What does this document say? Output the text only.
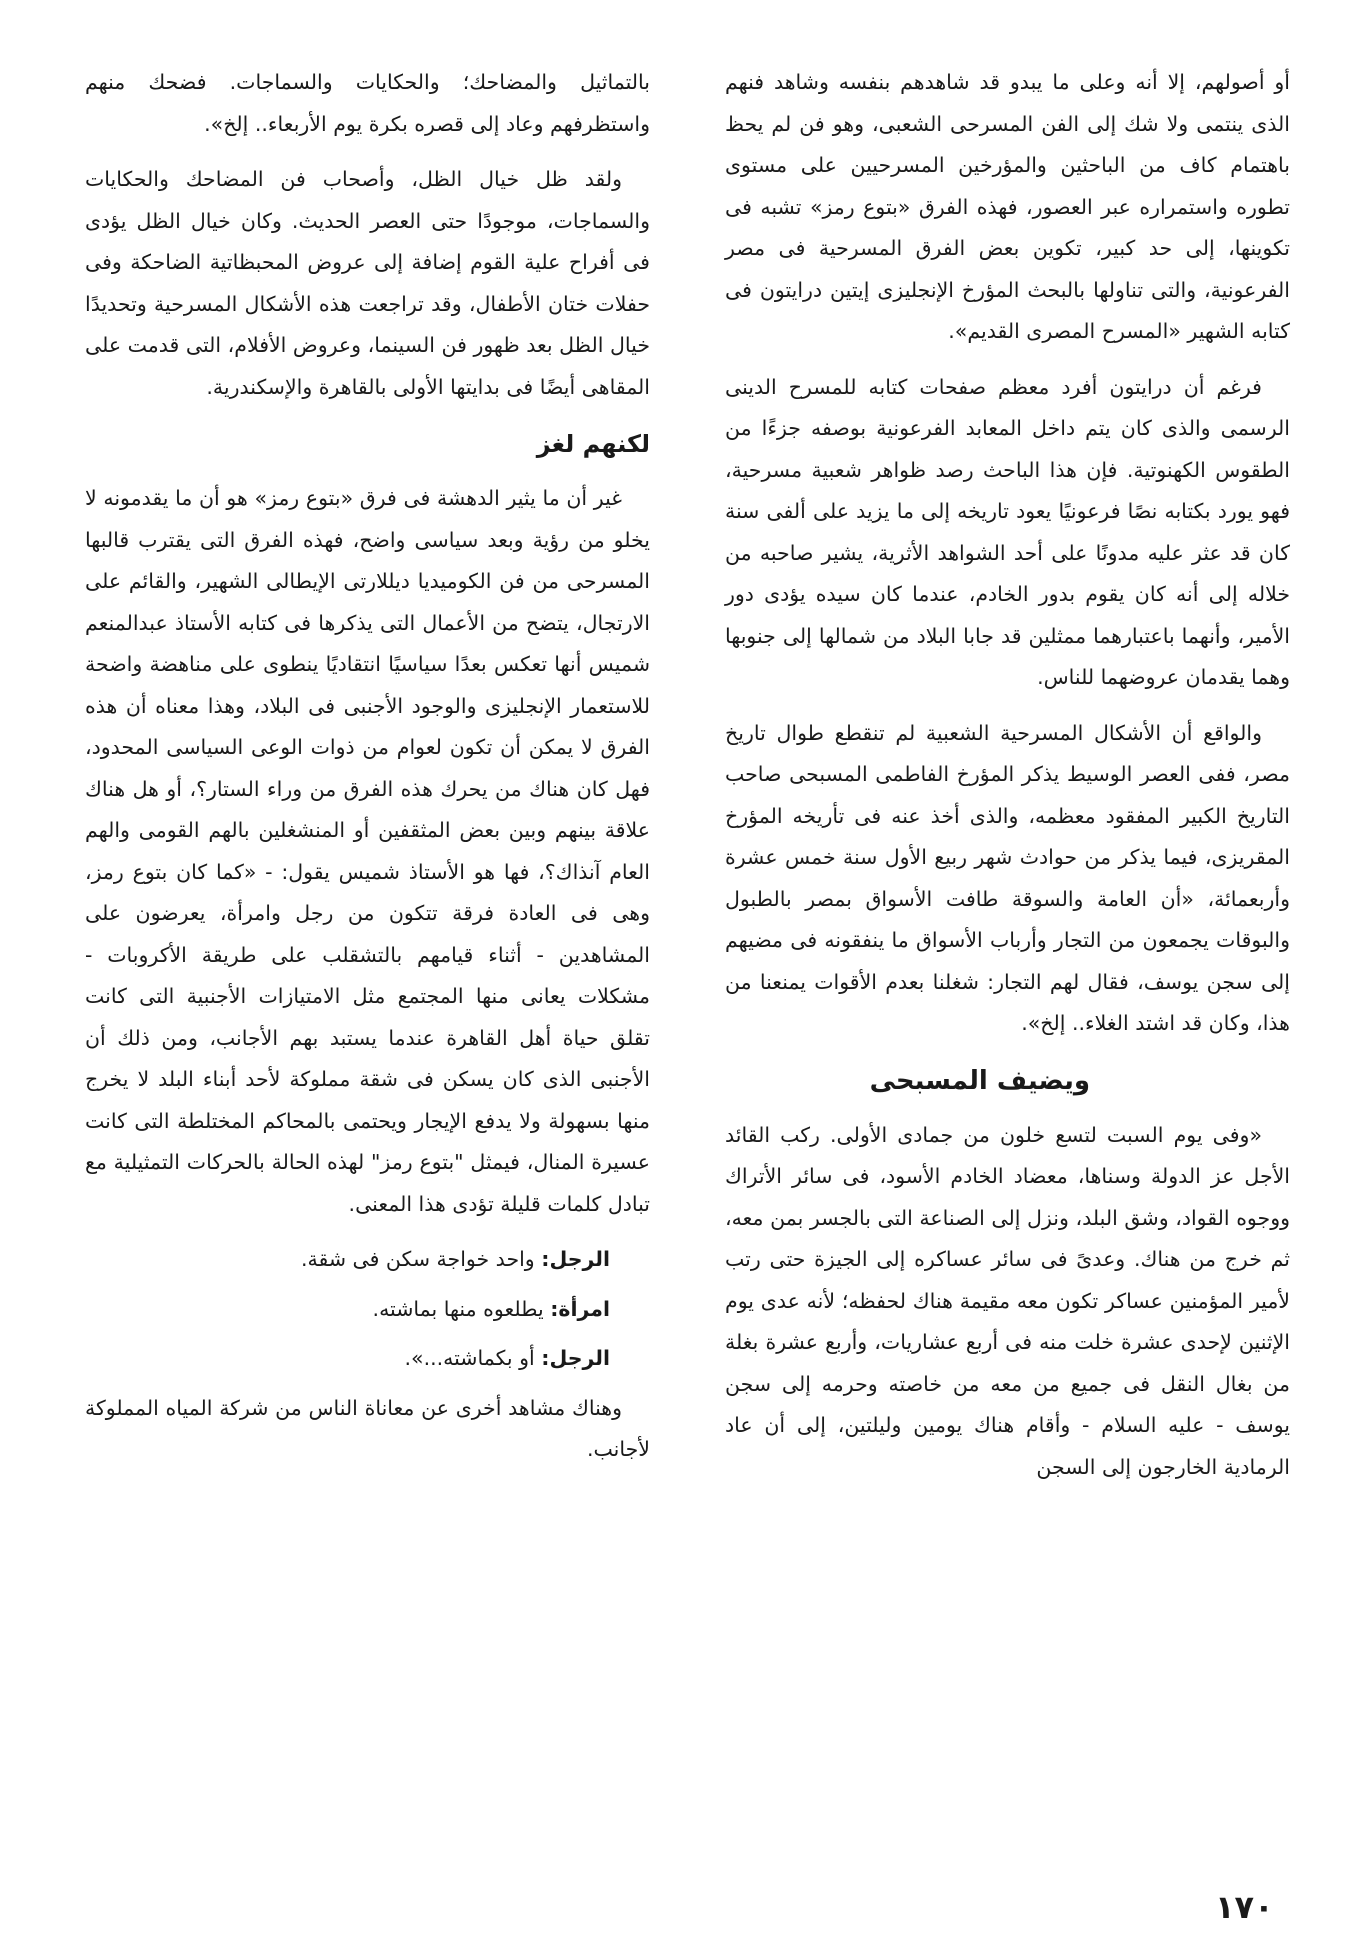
أو أصولهم، إلا أنه وعلى ما يبدو قد شاهدهم بنفسه وشاهد فنهم الذى ينتمى ولا شك إلى الفن المسرحى الشعبى، وهو فن لم يحظ باهتمام كاف من الباحثين والمؤرخين المسرحيين على مستوى تطوره واستمراره عبر العصور، فهذه الفرق «بتوع رمز» تشبه فى تكوينها، إلى حد كبير، تكوين بعض الفرق المسرحية فى مصر الفرعونية، والتى تناولها بالبحث المؤرخ الإنجليزى إيتين درايتون فى كتابه الشهير «المسرح المصرى القديم».

فرغم أن درايتون أفرد معظم صفحات كتابه للمسرح الدينى الرسمى والذى كان يتم داخل المعابد الفرعونية بوصفه جزءًا من الطقوس الكهنوتية. فإن هذا الباحث رصد ظواهر شعبية مسرحية، فهو يورد بكتابه نصًا فرعونيًا يعود تاريخه إلى ما يزيد على ألفى سنة كان قد عثر عليه مدونًا على أحد الشواهد الأثرية، يشير صاحبه من خلاله إلى أنه كان يقوم بدور الخادم، عندما كان سيده يؤدى دور الأمير، وأنهما باعتبارهما ممثلين قد جابا البلاد من شمالها إلى جنوبها وهما يقدمان عروضهما للناس.

والواقع أن الأشكال المسرحية الشعبية لم تنقطع طوال تاريخ مصر، ففى العصر الوسيط يذكر المؤرخ الفاطمى المسبحى صاحب التاريخ الكبير المفقود معظمه، والذى أخذ عنه فى تأريخه المؤرخ المقريزى، فيما يذكر من حوادث شهر ربيع الأول سنة خمس عشرة وأربعمائة، «أن العامة والسوقة طافت الأسواق بمصر بالطبول والبوقات يجمعون من التجار وأرباب الأسواق ما ينفقونه فى مضيهم إلى سجن يوسف، فقال لهم التجار: شغلنا بعدم الأقوات يمنعنا من هذا، وكان قد اشتد الغلاء.. إلخ».

ويضيف المسبحى

«وفى يوم السبت لتسع خلون من جمادى الأولى. ركب القائد الأجل عز الدولة وسناها، معضاد الخادم الأسود، فى سائر الأتراك ووجوه القواد، وشق البلد، ونزل إلى الصناعة التى بالجسر بمن معه، ثم خرج من هناك. وعدىً فى سائر عساكره إلى الجيزة حتى رتب لأمير المؤمنين عساكر تكون معه مقيمة هناك لحفظه؛ لأنه عدى يوم الإثنين لإحدى عشرة خلت منه فى أربع عشاريات، وأربع عشرة بغلة من بغال النقل فى جميع من معه من خاصته وحرمه إلى سجن يوسف - عليه السلام - وأقام هناك يومين وليلتين، إلى أن عاد الرمادية الخارجون إلى السجن

بالتماثيل والمضاحك؛ والحكايات والسماجات. فضحك منهم واستظرفهم وعاد إلى قصره بكرة يوم الأربعاء.. إلخ».

ولقد ظل خيال الظل، وأصحاب فن المضاحك والحكايات والسماجات، موجودًا حتى العصر الحديث. وكان خيال الظل يؤدى فى أفراح علية القوم إضافة إلى عروض المحبظاتية الضاحكة وفى حفلات ختان الأطفال، وقد تراجعت هذه الأشكال المسرحية وتحديدًا خيال الظل بعد ظهور فن السينما، وعروض الأفلام، التى قدمت على المقاهى أيضًا فى بدايتها الأولى بالقاهرة والإسكندرية.

لكنهم لغز

غير أن ما يثير الدهشة فى فرق «بتوع رمز» هو أن ما يقدمونه لا يخلو من رؤية وبعد سياسى واضح، فهذه الفرق التى يقترب قالبها المسرحى من فن الكوميديا ديللارتى الإيطالى الشهير، والقائم على الارتجال، يتضح من الأعمال التى يذكرها فى كتابه الأستاذ عبدالمنعم شميس أنها تعكس بعدًا سياسيًا انتقاديًا ينطوى على مناهضة واضحة للاستعمار الإنجليزى والوجود الأجنبى فى البلاد، وهذا معناه أن هذه الفرق لا يمكن أن تكون لعوام من ذوات الوعى السياسى المحدود، فهل كان هناك من يحرك هذه الفرق من وراء الستار؟، أو هل هناك علاقة بينهم وبين بعض المثقفين أو المنشغلين بالهم القومى والهم العام آنذاك؟، فها هو الأستاذ شميس يقول: - «كما كان بتوع رمز، وهى فى العادة فرقة تتكون من رجل وامرأة، يعرضون على المشاهدين - أثناء قيامهم بالتشقلب على طريقة الأكروبات - مشكلات يعانى منها المجتمع مثل الامتيازات الأجنبية التى كانت تقلق حياة أهل القاهرة عندما يستبد بهم الأجانب، ومن ذلك أن الأجنبى الذى كان يسكن فى شقة مملوكة لأحد أبناء البلد لا يخرج منها بسهولة ولا يدفع الإيجار ويحتمى بالمحاكم المختلطة التى كانت عسيرة المنال، فيمثل "بتوع رمز" لهذه الحالة بالحركات التمثيلية مع تبادل كلمات قليلة تؤدى هذا المعنى.

الرجل: واحد خواجة سكن فى شقة.

امرأة: يطلعوه منها بماشته.

الرجل: أو بكماشته...».

وهناك مشاهد أخرى عن معاناة الناس من شركة المياه المملوكة لأجانب.

١٧٠
